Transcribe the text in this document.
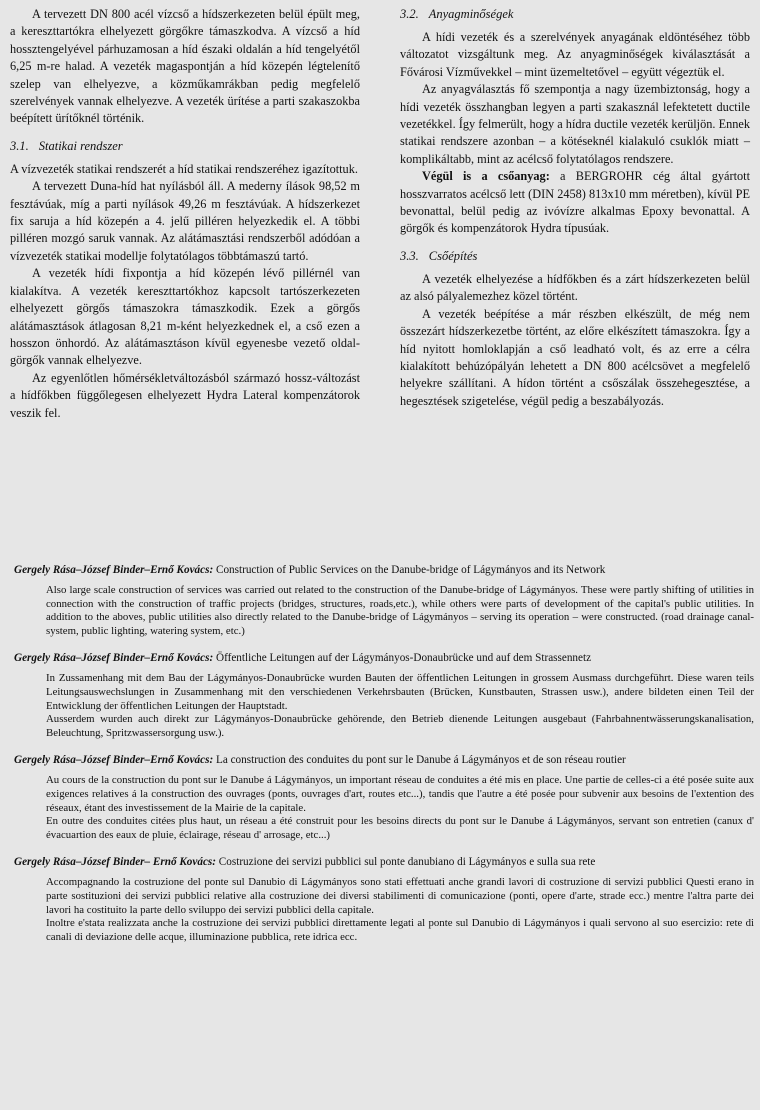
A tervezett DN 800 acél vízcső a hídszerkezeten belül épült meg, a kereszttartókra elhelyezett görgőkre támaszkodva. A vízcső a híd hossztengelyével párhuzamosan a híd északi oldalán a híd tengelyétől 6,25 m-re halad. A vezeték magaspontján a híd közepén légtelenítő szelep van elhelyezve, a közműkamrákban pedig megfelelő szerelvények vannak elhelyezve. A vezeték ürítése a parti szakaszokba beépített ürítőknél történik.

3.1. Statikai rendszer

A vízvezeték statikai rendszerét a híd statikai rendszeréhez igazítottuk.

A tervezett Duna-híd hat nyílásból áll. A mederny ílások 98,52 m fesztávúak, míg a parti nyílások 49,26 m fesztávúak. A hídszerkezet fix saruja a híd közepén a 4. jelű pilléren helyezkedik el. A többi pilléren mozgó saruk vannak. Az alátámasztási rendszerből adódóan a vízvezeték statikai modellje folytatólagos többtámaszú tartó.

A vezeték hídi fixpontja a híd közepén lévő pillérnél van kialakítva. A vezeték kereszttartókhoz kapcsolt tartószerkezeten elhelyezett görgős támaszokra támaszkodik. Ezek a görgős alátámasztások átlagosan 8,21 m-ként helyezkednek el, a cső ezen a hosszon önhordó. Az alátámasztáson kívül egyenesbe vezető oldal-görgők vannak elhelyezve.

Az egyenlőtlen hőmérsékletváltozásból származó hossz-változást a hídfőkben függőlegesen elhelyezett Hydra Lateral kompenzátorok veszik fel.

3.2. Anyagminőségek

A hídi vezeték és a szerelvények anyagának eldöntéséhez több változatot vizsgáltunk meg. Az anyagminőségek kiválasztását a Fővárosi Vízművekkel – mint üzemeltetővel – együtt végeztük el.

Az anyagválasztás fő szempontja a nagy üzembiztonság, hogy a hídi vezeték összhangban legyen a parti szakasznál lefektetett ductile vezetékkel. Így felmerült, hogy a hídra ductile vezeték kerüljön. Ennek statikai rendszere azonban – a kötéseknél kialakuló csuklók miatt – komplikáltabb, mint az acélcső folytatólagos rendszere.

Végül is a csőanyag: a BERGROHR cég által gyártott hosszvarratos acélcső lett (DIN 2458) 813x10 mm méretben), kívül PE bevonattal, belül pedig az ivóvízre alkalmas Epoxy bevonattal. A görgők és kompenzátorok Hydra típusúak.

3.3. Csőépítés

A vezeték elhelyezése a hídfőkben és a zárt hídszerkezeten belül az alsó pályalemezhez közel történt.

A vezeték beépítése a már részben elkészült, de még nem összezárt hídszerkezetbe történt, az előre elkészített támaszokra. Így a híd nyitott homloklapján a cső leadható volt, és az erre a célra kialakított behúzópályán lehetett a DN 800 acélcsövet a megfelelő helyekre szállítani. A hídon történt a csőszálak összehegesztése, a hegesztések szigetelése, végül pedig a beszabályozás.

Gergely Rása–József Binder–Ernő Kovács: Construction of Public Services on the Danube-bridge of Lágymányos and its Network

Also large scale construction of services was carried out related to the construction of the Danube-bridge of Lágymányos. These were partly shifting of utilities in connection with the construction of traffic projects (bridges, structures, roads,etc.), while others were parts of development of the capital's public utilities. In addition to the aboves, public utilities also directly related to the Danube-bridge of Lágymányos – serving its operation – were constructed. (road drainage canal-system, public lighting, watering system, etc.)

Gergely Rása–József Binder–Ernő Kovács: Öffentliche Leitungen auf der Lágymányos-Donaubrücke und auf dem Strassennetz

In Zussamenhang mit dem Bau der Lágymányos-Donaubrücke wurden Bauten der öffentlichen Leitungen in grossem Ausmass durchgeführt. Diese waren teils Leitungsauswechslungen in Zusammenhang mit den verschiedenen Verkehrsbauten (Brücken, Kunstbauten, Strassen usw.), andere bildeten einen Teil der Entwicklung der öffentlichen Leitungen der Hauptstadt.

Ausserdem wurden auch direkt zur Lágymányos-Donaubrücke gehörende, den Betrieb dienende Leitungen ausgebaut (Fahrbahnentwässerungskanalisation, Beleuchtung, Spritzwassersorgung usw.).

Gergely Rása–József Binder–Ernő Kovács: La construction des conduites du pont sur le Danube á Lágymányos et de son réseau routier

Au cours de la construction du pont sur le Danube á Lágymányos, un important réseau de conduites a été mis en place. Une partie de celles-ci a été posée suite aux exigences relatives á la construction des ouvrages (ponts, ouvrages d'art, routes etc...), tandis que l'autre a été posée pour subvenir aux besoins de l'extention des réseaux, étant des investissement de la Mairie de la capitale.

En outre des conduites citées plus haut, un réseau a été construit pour les besoins directs du pont sur le Danube á Lágymányos, servant son entretien (canux d' évacuartion des eaux de pluie, éclairage, réseau d' arrosage, etc...)

Gergely Rása–József Binder– Ernő Kovács: Costruzione dei servizi pubblici sul ponte danubiano di Lágymányos e sulla sua rete

Accompagnando la costruzione del ponte sul Danubio di Lágymányos sono stati effettuati anche grandi lavori di costruzione di servizi pubblici Questi erano in parte sostituzioni dei servizi pubblici relative alla costruzione dei diversi stabilimenti di comunicazione (ponti, opere d'arte, strade ecc.) mentre l'altra parte dei lavori ha costituito la parte dello sviluppo dei servizi pubblici della capitale.

Inoltre e'stata realizzata anche la costruzione dei servizi pubblici direttamente legati al ponte sul Danubio di Lágymányos i quali servono al suo esercizio: rete di canali di deviazione delle acque, illuminazione pubblica, rete idrica ecc.
